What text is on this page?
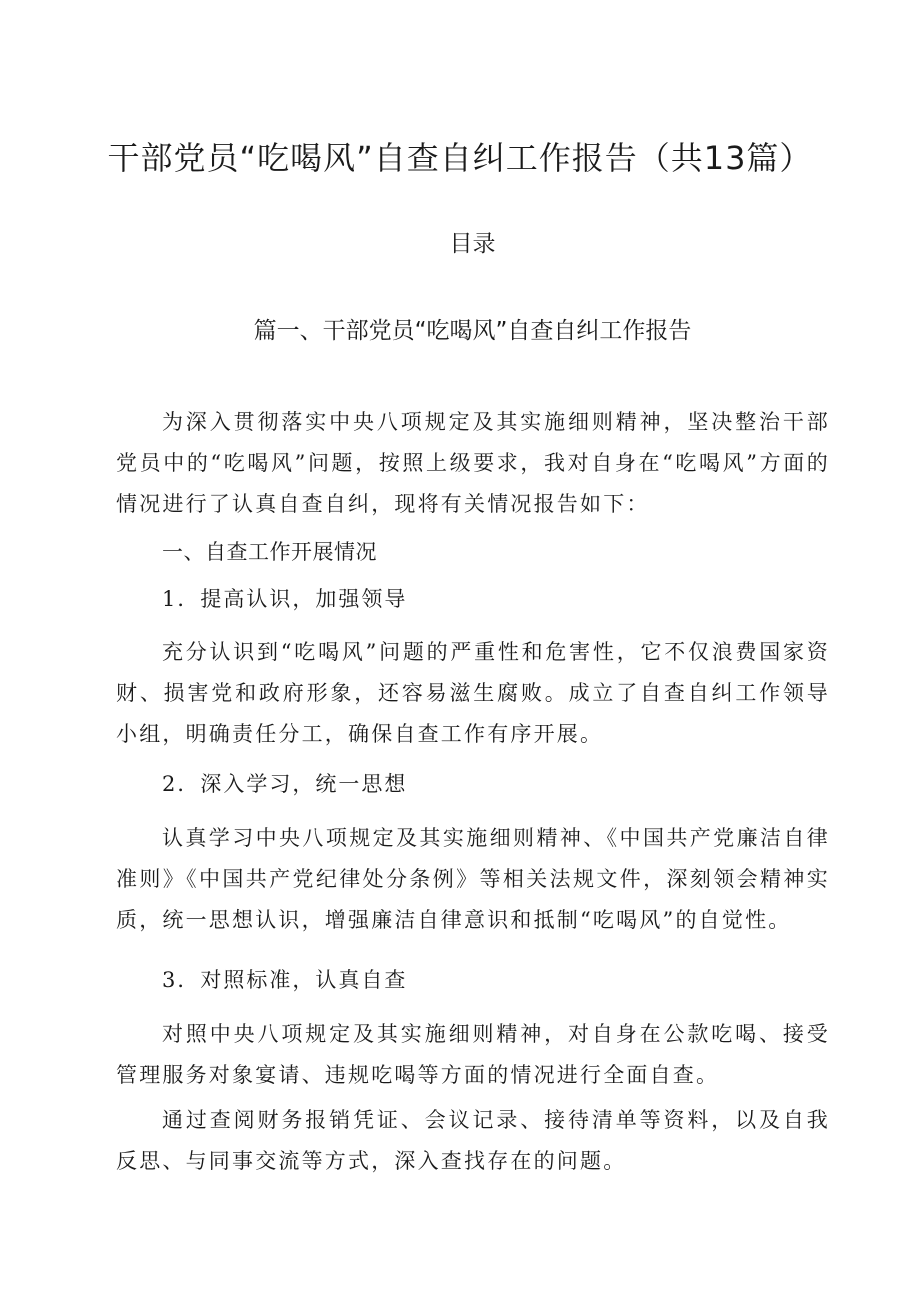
干部党员“吃喝风”自查自纠工作报告（共13篇）
目录
篇一、干部党员“吃喝风”自查自纠工作报告

为深入贯彻落实中央八项规定及其实施细则精神，坚决整治干部党员中的“吃喝风”问题，按照上级要求，我对自身在“吃喝风”方面的情况进行了认真自查自纠，现将有关情况报告如下：

一、自查工作开展情况
1．提高认识，加强领导

充分认识到“吃喝风”问题的严重性和危害性，它不仅浪费国家资财、损害党和政府形象，还容易滋生腐败。成立了自查自纠工作领导小组，明确责任分工，确保自查工作有序开展。

2．深入学习，统一思想

认真学习中央八项规定及其实施细则精神、《中国共产党廉洁自律准则》《中国共产党纪律处分条例》等相关法规文件，深刻领会精神实质，统一思想认识，增强廉洁自律意识和抵制“吃喝风”的自觉性。

3．对照标准，认真自查

对照中央八项规定及其实施细则精神，对自身在公款吃喝、接受管理服务对象宴请、违规吃喝等方面的情况进行全面自查。

通过查阅财务报销凭证、会议记录、接待清单等资料，以及自我反思、与同事交流等方式，深入查找存在的问题。
